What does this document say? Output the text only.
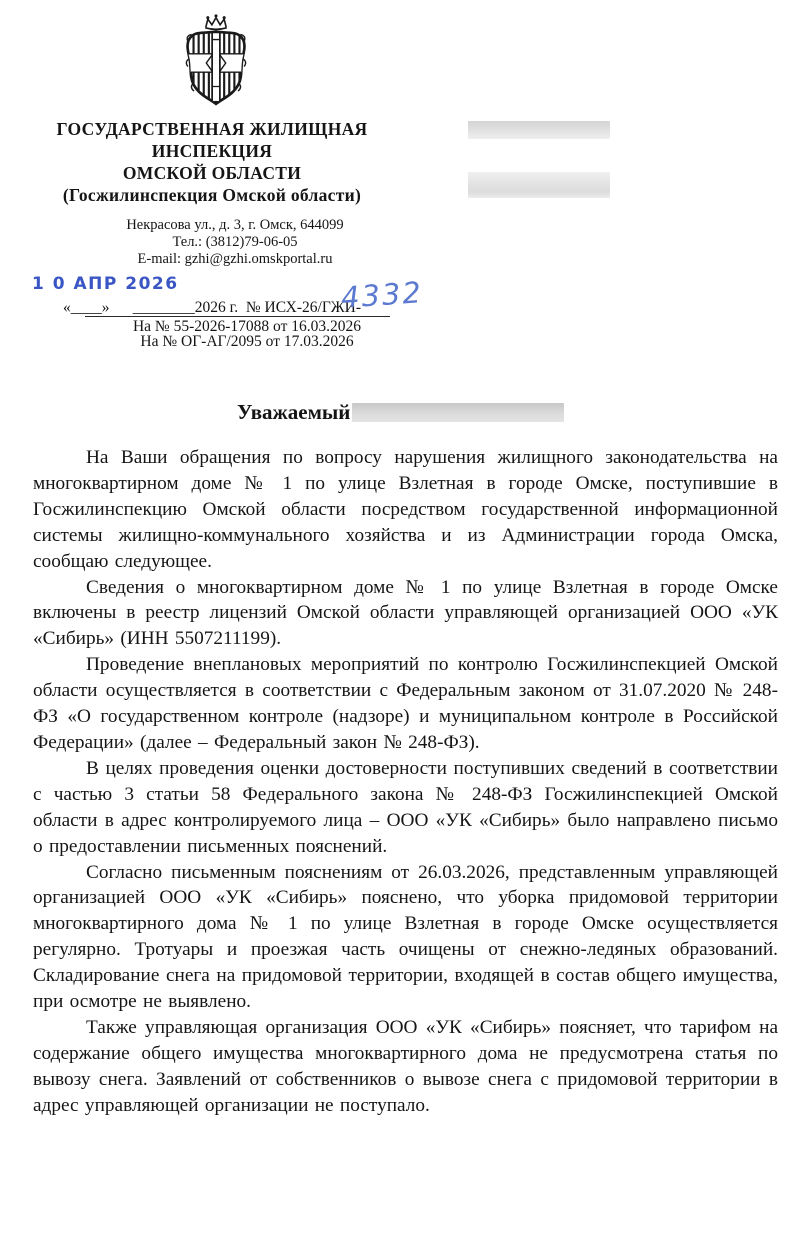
ГОСУДАРСТВЕННАЯ ЖИЛИЩНАЯ
ИНСПЕКЦИЯ
ОМСКОЙ ОБЛАСТИ
(Госжилинспекция Омской области)
Некрасова ул., д. 3, г. Омск, 644099
Тел.: (3812)79-06-05
E-mail: gzhi@gzhi.omskportal.ru
1 0 АПР 2026
«____»      ________2026 г.  № ИСХ-26/ГЖИ-
4332
На № 55-2026-17088 от 16.03.2026
На № ОГ-АГ/2095 от 17.03.2026
Уважаемый

На Ваши обращения по вопросу нарушения жилищного законодательства на многоквартирном доме № 1 по улице Взлетная в городе Омске, поступившие в Госжилинспекцию Омской области посредством государственной информационной системы жилищно-коммунального хозяйства и из Администрации города Омска, сообщаю следующее.

Сведения о многоквартирном доме № 1 по улице Взлетная в городе Омске включены в реестр лицензий Омской области управляющей организацией ООО «УК «Сибирь» (ИНН 5507211199).

Проведение внеплановых мероприятий по контролю Госжилинспекцией Омской области осуществляется в соответствии с Федеральным законом от 31.07.2020 № 248-ФЗ «О государственном контроле (надзоре) и муниципальном контроле в Российской Федерации» (далее – Федеральный закон № 248-ФЗ).

В целях проведения оценки достоверности поступивших сведений в соответствии с частью 3 статьи 58 Федерального закона № 248-ФЗ Госжилинспекцией Омской области в адрес контролируемого лица – ООО «УК «Сибирь» было направлено письмо о предоставлении письменных пояснений.

Согласно письменным пояснениям от 26.03.2026, представленным управляющей организацией ООО «УК «Сибирь» пояснено, что уборка придомовой территории многоквартирного дома № 1 по улице Взлетная в городе Омске осуществляется регулярно. Тротуары и проезжая часть очищены от снежно-ледяных образований. Складирование снега на придомовой территории, входящей в состав общего имущества, при осмотре не выявлено.

Также управляющая организация ООО «УК «Сибирь» поясняет, что тарифом на содержание общего имущества многоквартирного дома не предусмотрена статья по вывозу снега. Заявлений от собственников о вывозе снега с придомовой территории в адрес управляющей организации не поступало.
